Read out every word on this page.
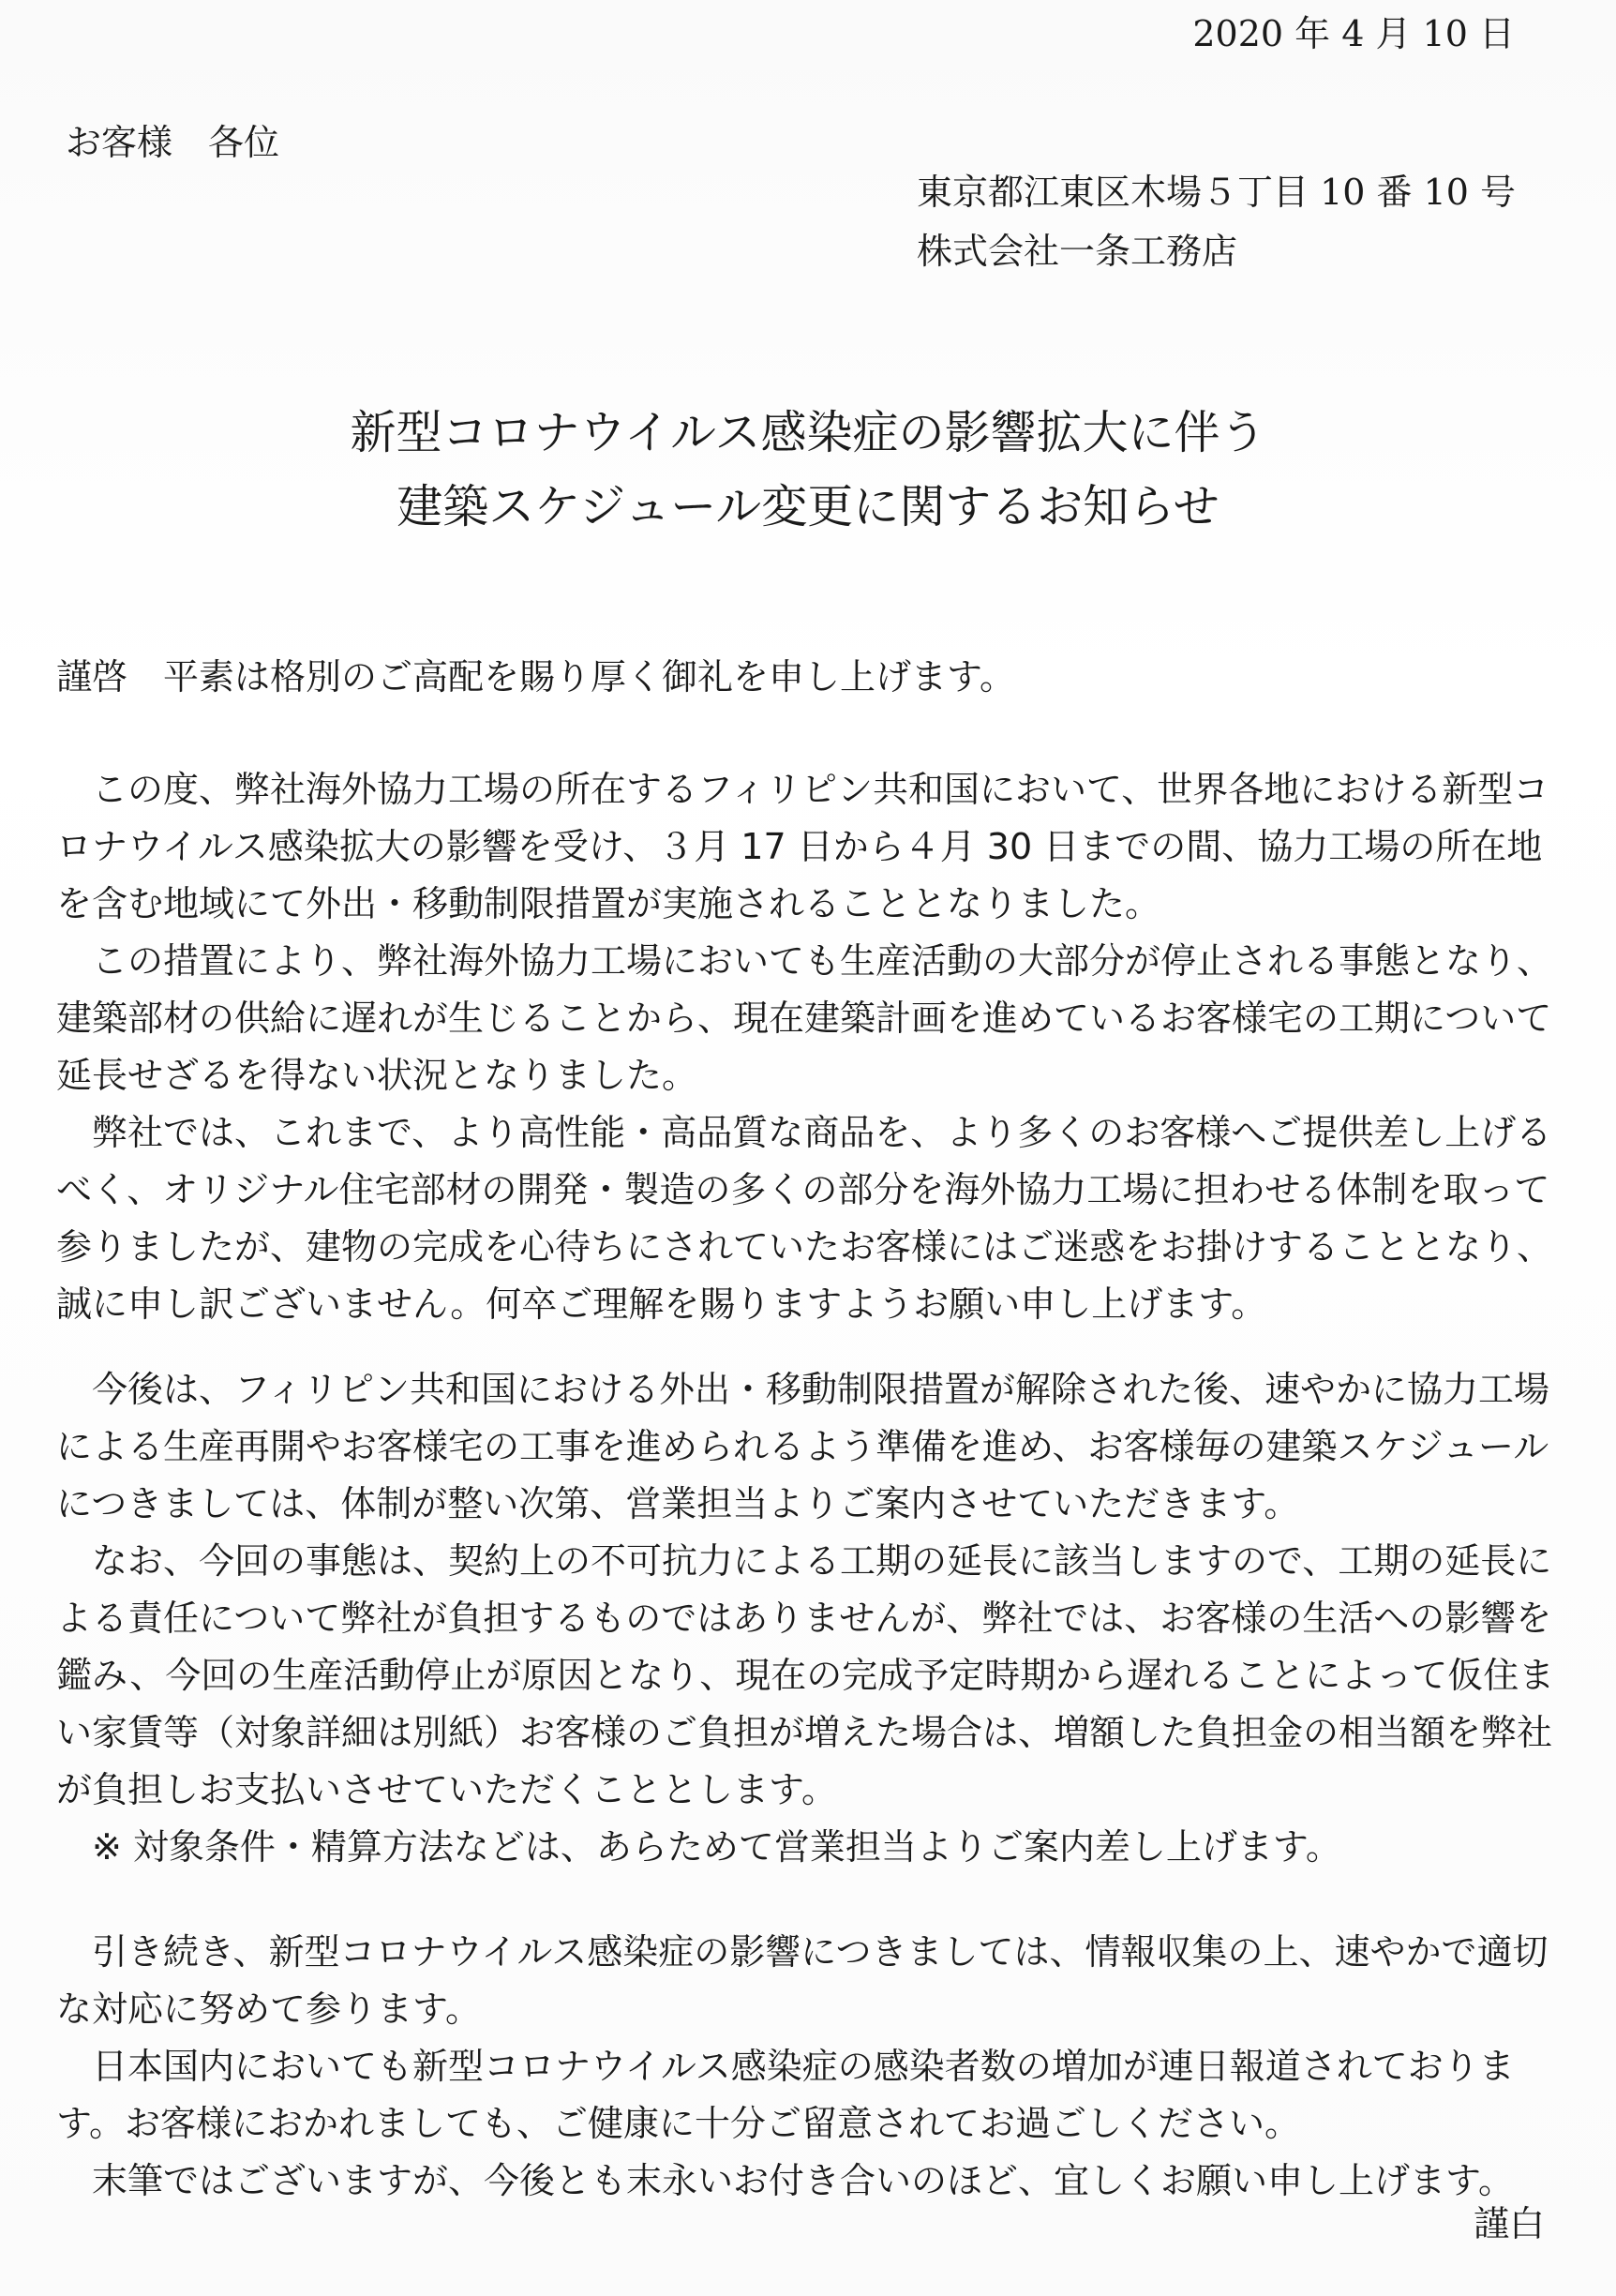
2020 年 4 月 10 日
お客様　各位
東京都江東区木場５丁目 10 番 10 号
株式会社一条工務店
新型コロナウイルス感染症の影響拡大に伴う
建築スケジュール変更に関するお知らせ

謹啓　平素は格別のご高配を賜り厚く御礼を申し上げます。

この度、弊社海外協力工場の所在するフィリピン共和国において、世界各地における新型コロナウイルス感染拡大の影響を受け、３月 17 日から４月 30 日までの間、協力工場の所在地を含む地域にて外出・移動制限措置が実施されることとなりました。

この措置により、弊社海外協力工場においても生産活動の大部分が停止される事態となり、建築部材の供給に遅れが生じることから、現在建築計画を進めているお客様宅の工期について延長せざるを得ない状況となりました。

弊社では、これまで、より高性能・高品質な商品を、より多くのお客様へご提供差し上げるべく、オリジナル住宅部材の開発・製造の多くの部分を海外協力工場に担わせる体制を取って参りましたが、建物の完成を心待ちにされていたお客様にはご迷惑をお掛けすることとなり、誠に申し訳ございません。何卒ご理解を賜りますようお願い申し上げます。

今後は、フィリピン共和国における外出・移動制限措置が解除された後、速やかに協力工場による生産再開やお客様宅の工事を進められるよう準備を進め、お客様毎の建築スケジュールにつきましては、体制が整い次第、営業担当よりご案内させていただきます。

なお、今回の事態は、契約上の不可抗力による工期の延長に該当しますので、工期の延長による責任について弊社が負担するものではありませんが、弊社では、お客様の生活への影響を鑑み、今回の生産活動停止が原因となり、現在の完成予定時期から遅れることによって仮住まい家賃等（対象詳細は別紙）お客様のご負担が増えた場合は、増額した負担金の相当額を弊社が負担しお支払いさせていただくこととします。

※ 対象条件・精算方法などは、あらためて営業担当よりご案内差し上げます。

引き続き、新型コロナウイルス感染症の影響につきましては、情報収集の上、速やかで適切な対応に努めて参ります。

日本国内においても新型コロナウイルス感染症の感染者数の増加が連日報道されております。お客様におかれましても、ご健康に十分ご留意されてお過ごしください。

末筆ではございますが、今後とも末永いお付き合いのほど、宜しくお願い申し上げます。

謹白
